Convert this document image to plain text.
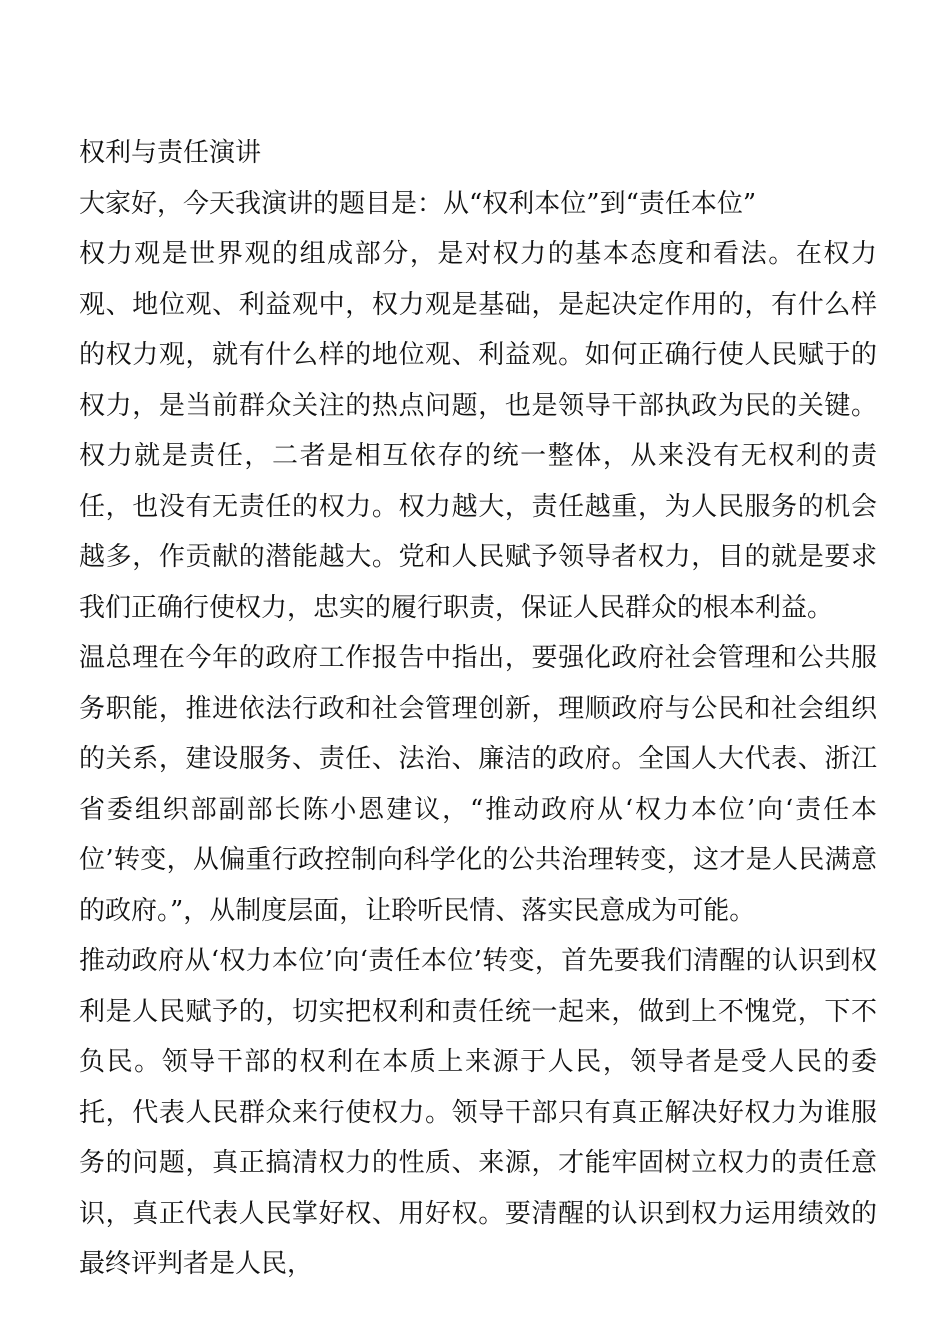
权利与责任演讲

大家好，今天我演讲的题目是：从“权利本位”到“责任本位”

权力观是世界观的组成部分，是对权力的基本态度和看法。在权力观、地位观、利益观中，权力观是基础，是起决定作用的，有什么样的权力观，就有什么样的地位观、利益观。如何正确行使人民赋于的权力，是当前群众关注的热点问题，也是领导干部执政为民的关键。权力就是责任，二者是相互依存的统一整体，从来没有无权利的责任，也没有无责任的权力。权力越大，责任越重，为人民服务的机会越多，作贡献的潜能越大。党和人民赋予领导者权力，目的就是要求我们正确行使权力，忠实的履行职责，保证人民群众的根本利益。

温总理在今年的政府工作报告中指出，要强化政府社会管理和公共服务职能，推进依法行政和社会管理创新，理顺政府与公民和社会组织的关系，建设服务、责任、法治、廉洁的政府。全国人大代表、浙江省委组织部副部长陈小恩建议，“推动政府从‘权力本位’向‘责任本位’转变，从偏重行政控制向科学化的公共治理转变，这才是人民满意的政府。”，从制度层面，让聆听民情、落实民意成为可能。

推动政府从‘权力本位’向‘责任本位’转变，首先要我们清醒的认识到权利是人民赋予的，切实把权利和责任统一起来，做到上不愧党，下不负民。领导干部的权利在本质上来源于人民，领导者是受人民的委托，代表人民群众来行使权力。领导干部只有真正解决好权力为谁服务的问题，真正搞清权力的性质、来源，才能牢固树立权力的责任意识，真正代表人民掌好权、用好权。要清醒的认识到权力运用绩效的最终评判者是人民，
